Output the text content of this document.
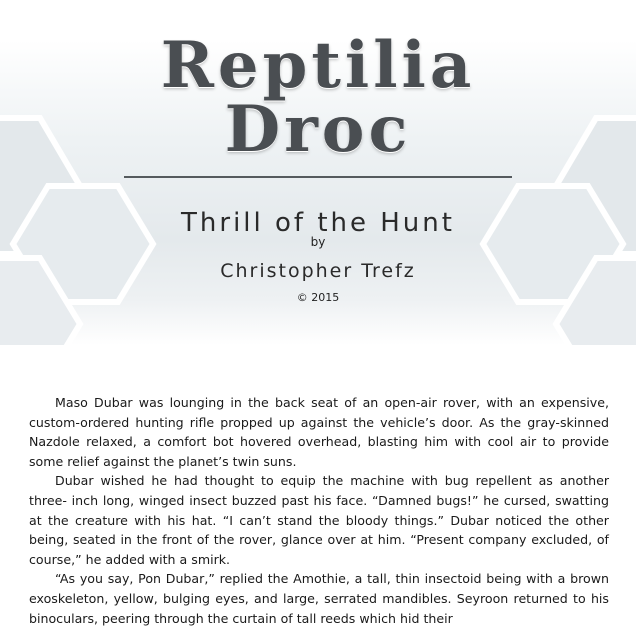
Reptilia
Droc
Thrill of the Hunt
by
Christopher Trefz
© 2015

Maso Dubar was lounging in the back seat of an open-air rover, with an expensive, custom-ordered hunting rifle propped up against the vehicle’s door. As the gray-skinned Nazdole relaxed, a comfort bot hovered overhead, blasting him with cool air to provide some relief against the planet’s twin suns.

Dubar wished he had thought to equip the machine with bug repellent as another three- inch long, winged insect buzzed past his face. “Damned bugs!” he cursed, swatting at the creature with his hat. “I can’t stand the bloody things.” Dubar noticed the other being, seated in the front of the rover, glance over at him. “Present company excluded, of course,” he added with a smirk.

“As you say, Pon Dubar,” replied the Amothie, a tall, thin insectoid being with a brown exoskeleton, yellow, bulging eyes, and large, serrated mandibles. Seyroon returned to his binoculars, peering through the curtain of tall reeds which hid their
